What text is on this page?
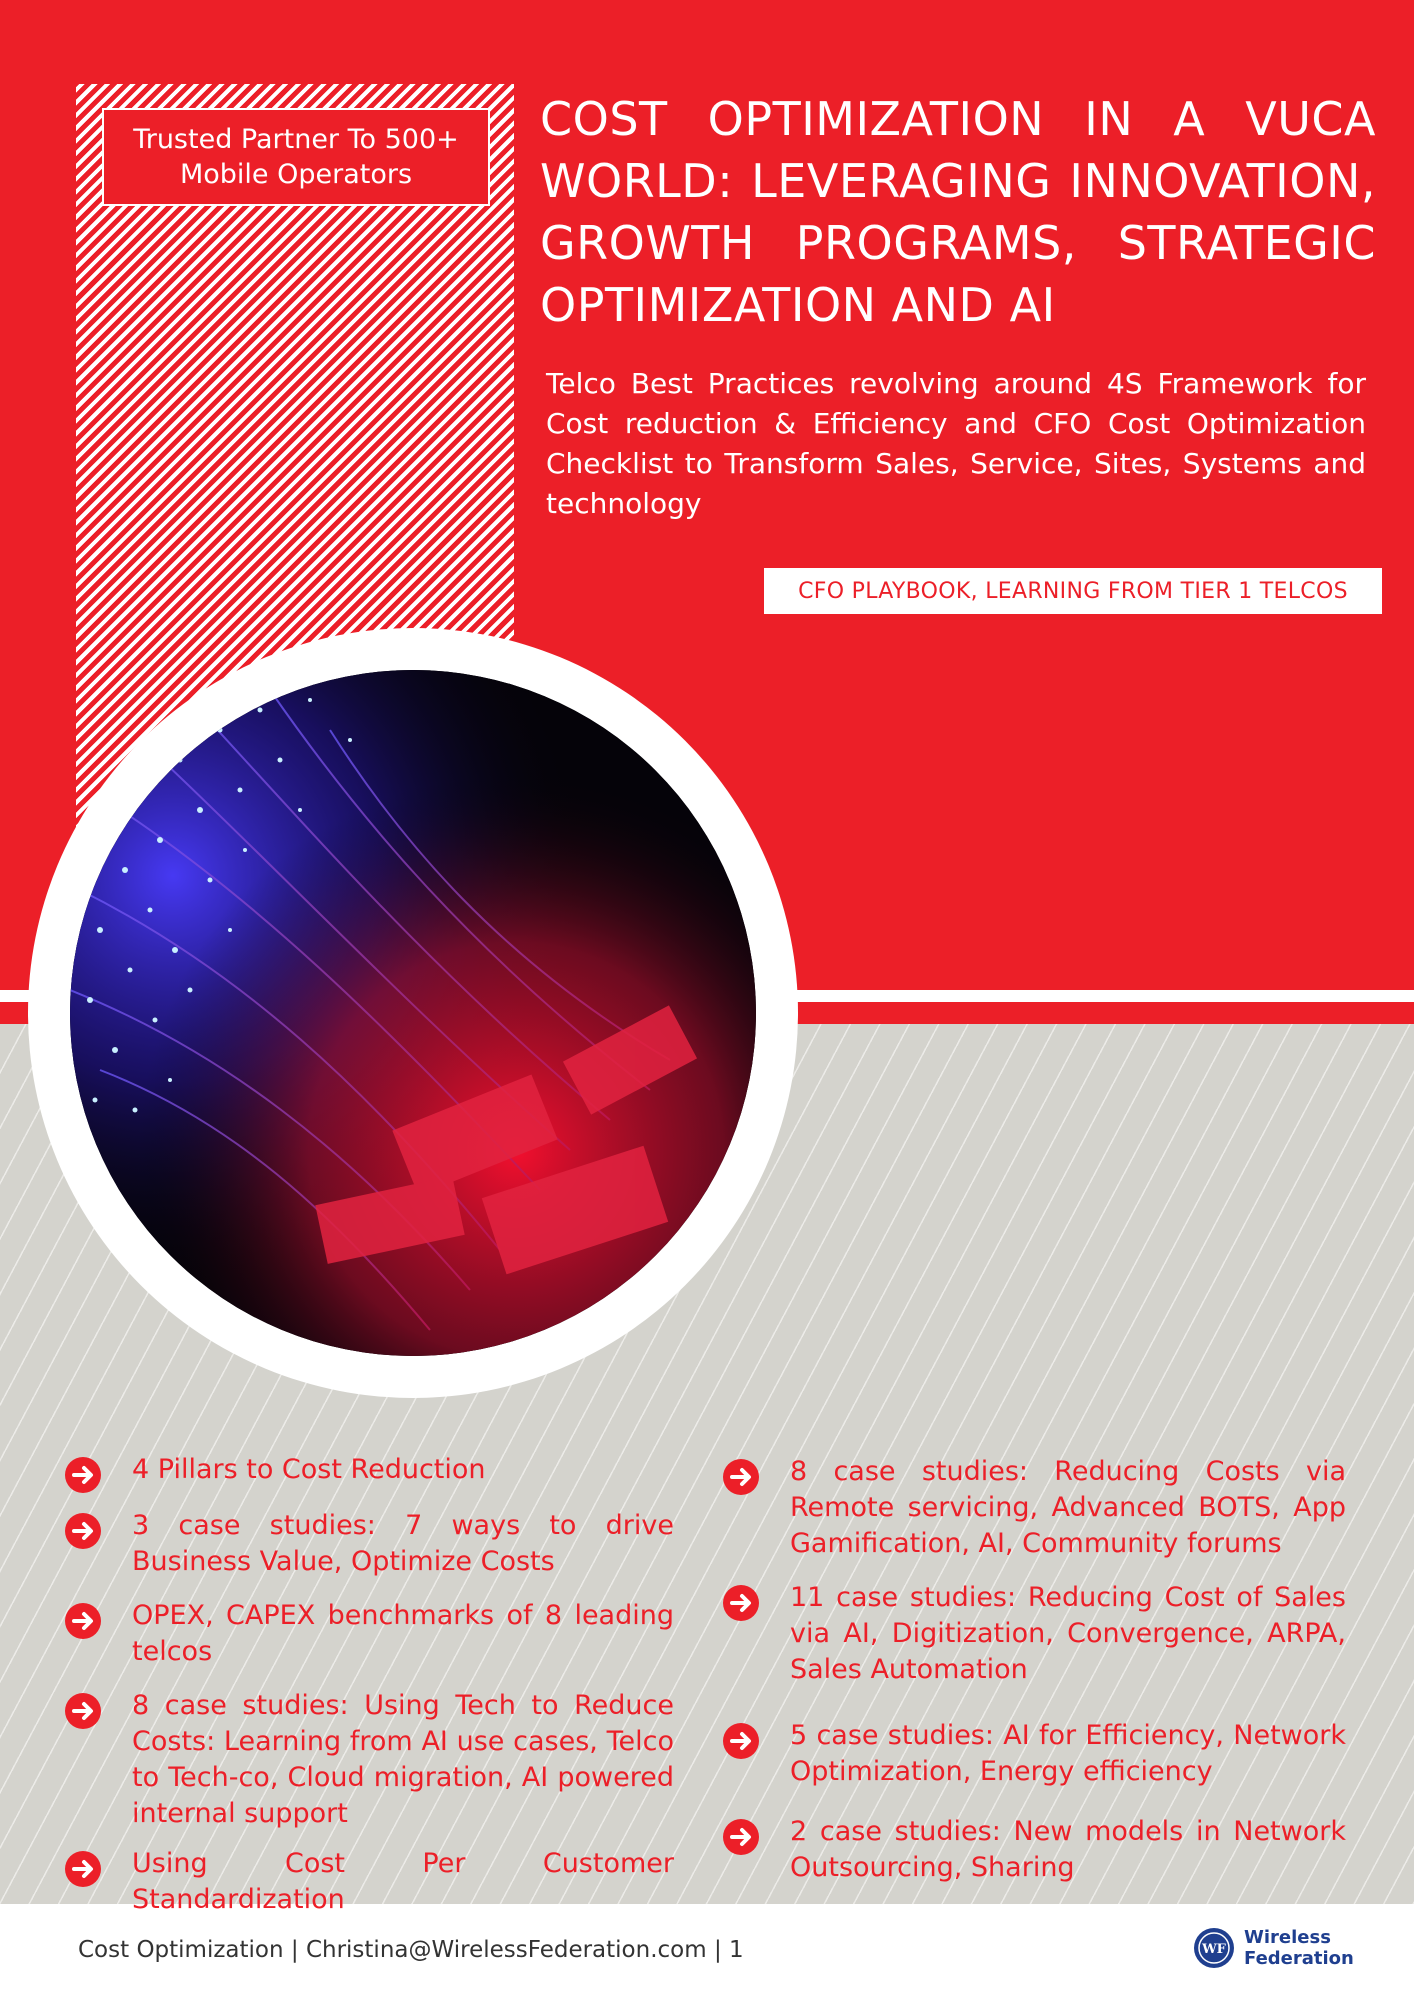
Trusted Partner To 500+ Mobile Operators
COST OPTIMIZATION IN A VUCA WORLD: LEVERAGING INNOVATION, GROWTH PROGRAMS, STRATEGIC OPTIMIZATION AND AI

Telco Best Practices revolving around 4S Framework for Cost reduction & Efficiency and CFO Cost Optimization Checklist to Transform Sales, Service, Sites, Systems and technology

CFO PLAYBOOK, LEARNING FROM TIER 1 TELCOS
4 Pillars to Cost Reduction
3 case studies: 7 ways to drive Business Value, Optimize Costs
OPEX, CAPEX benchmarks of 8 leading telcos
8 case studies: Using Tech to Reduce Costs: Learning from AI use cases, Telco to Tech-co, Cloud migration, AI powered internal support
Using Cost Per Customer Standardization
8 case studies: Reducing Costs via Remote servicing, Advanced BOTS, App Gamification, AI, Community forums
11 case studies: Reducing Cost of Sales via AI, Digitization, Convergence, ARPA, Sales Automation
5 case studies: AI for Efficiency, Network Optimization, Energy efficiency
2 case studies: New models in Network Outsourcing, Sharing
Cost Optimization | Christina@WirelessFederation.com | 1	WF
Wireless
Federation
